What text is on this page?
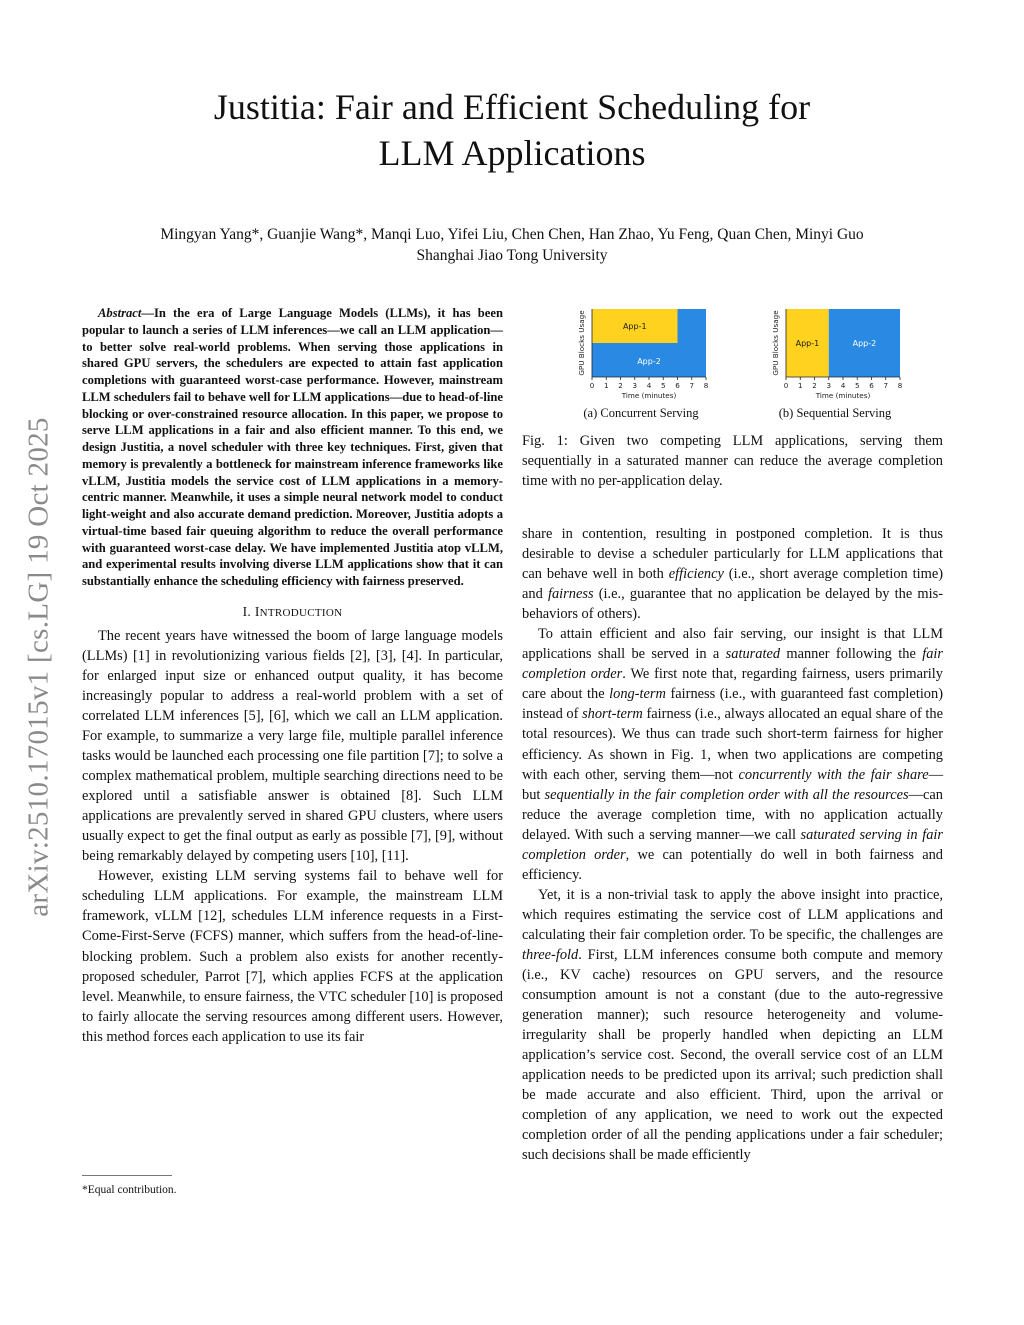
arXiv:2510.17015v1 [cs.LG] 19 Oct 2025
Justitia: Fair and Efficient Scheduling for
LLM Applications
Mingyan Yang*, Guanjie Wang*, Manqi Luo, Yifei Liu, Chen Chen, Han Zhao, Yu Feng, Quan Chen, Minyi Guo
Shanghai Jiao Tong University

Abstract—In the era of Large Language Models (LLMs), it has been popular to launch a series of LLM inferences—we call an LLM application—to better solve real-world problems. When serving those applications in shared GPU servers, the schedulers are expected to attain fast application completions with guaranteed worst-case performance. However, mainstream LLM schedulers fail to behave well for LLM applications—due to head-of-line blocking or over-constrained resource allocation. In this paper, we propose to serve LLM applications in a fair and also efficient manner. To this end, we design Justitia, a novel scheduler with three key techniques. First, given that memory is prevalently a bottleneck for mainstream inference frameworks like vLLM, Justitia models the service cost of LLM applications in a memory-centric manner. Meanwhile, it uses a simple neural network model to conduct light-weight and also accurate demand prediction. Moreover, Justitia adopts a virtual-time based fair queuing algorithm to reduce the overall performance with guaranteed worst-case delay. We have implemented Justitia atop vLLM, and experimental results involving diverse LLM applications show that it can substantially enhance the scheduling efficiency with fairness preserved.

I. INTRODUCTION

The recent years have witnessed the boom of large language models (LLMs) [1] in revolutionizing various fields [2], [3], [4]. In particular, for enlarged input size or enhanced output quality, it has become increasingly popular to address a real-world problem with a set of correlated LLM inferences [5], [6], which we call an LLM application. For example, to summarize a very large file, multiple parallel inference tasks would be launched each processing one file partition [7]; to solve a complex mathematical problem, multiple searching directions need to be explored until a satisfiable answer is obtained [8]. Such LLM applications are prevalently served in shared GPU clusters, where users usually expect to get the final output as early as possible [7], [9], without being remarkably delayed by competing users [10], [11].

However, existing LLM serving systems fail to behave well for scheduling LLM applications. For example, the mainstream LLM framework, vLLM [12], schedules LLM inference requests in a First-Come-First-Serve (FCFS) manner, which suffers from the head-of-line-blocking problem. Such a problem also exists for another recently-proposed scheduler, Parrot [7], which applies FCFS at the application level. Meanwhile, to ensure fairness, the VTC scheduler [10] is proposed to fairly allocate the serving resources among different users. However, this method forces each application to use its fair

*Equal contribution.
App-1
App-2
0 1 2 3 4 5 6 7 8
Time (minutes)
GPU Blocks Usage
(a) Concurrent Serving
App-1	App-2
0 1 2 3 4 5 6 7 8
Time (minutes)
GPU Blocks Usage
(b) Sequential Serving

Fig. 1: Given two competing LLM applications, serving them sequentially in a saturated manner can reduce the average completion time with no per-application delay.

share in contention, resulting in postponed completion. It is thus desirable to devise a scheduler particularly for LLM applications that can behave well in both efficiency (i.e., short average completion time) and fairness (i.e., guarantee that no application be delayed by the mis-behaviors of others).

To attain efficient and also fair serving, our insight is that LLM applications shall be served in a saturated manner following the fair completion order. We first note that, regarding fairness, users primarily care about the long-term fairness (i.e., with guaranteed fast completion) instead of short-term fairness (i.e., always allocated an equal share of the total resources). We thus can trade such short-term fairness for higher efficiency. As shown in Fig. 1, when two applications are competing with each other, serving them—not concurrently with the fair share—but sequentially in the fair completion order with all the resources—can reduce the average completion time, with no application actually delayed. With such a serving manner—we call saturated serving in fair completion order, we can potentially do well in both fairness and efficiency.

Yet, it is a non-trivial task to apply the above insight into practice, which requires estimating the service cost of LLM applications and calculating their fair completion order. To be specific, the challenges are three-fold. First, LLM inferences consume both compute and memory (i.e., KV cache) resources on GPU servers, and the resource consumption amount is not a constant (due to the auto-regressive generation manner); such resource heterogeneity and volume-irregularity shall be properly handled when depicting an LLM application’s service cost. Second, the overall service cost of an LLM application needs to be predicted upon its arrival; such prediction shall be made accurate and also efficient. Third, upon the arrival or completion of any application, we need to work out the expected completion order of all the pending applications under a fair scheduler; such decisions shall be made efficiently
